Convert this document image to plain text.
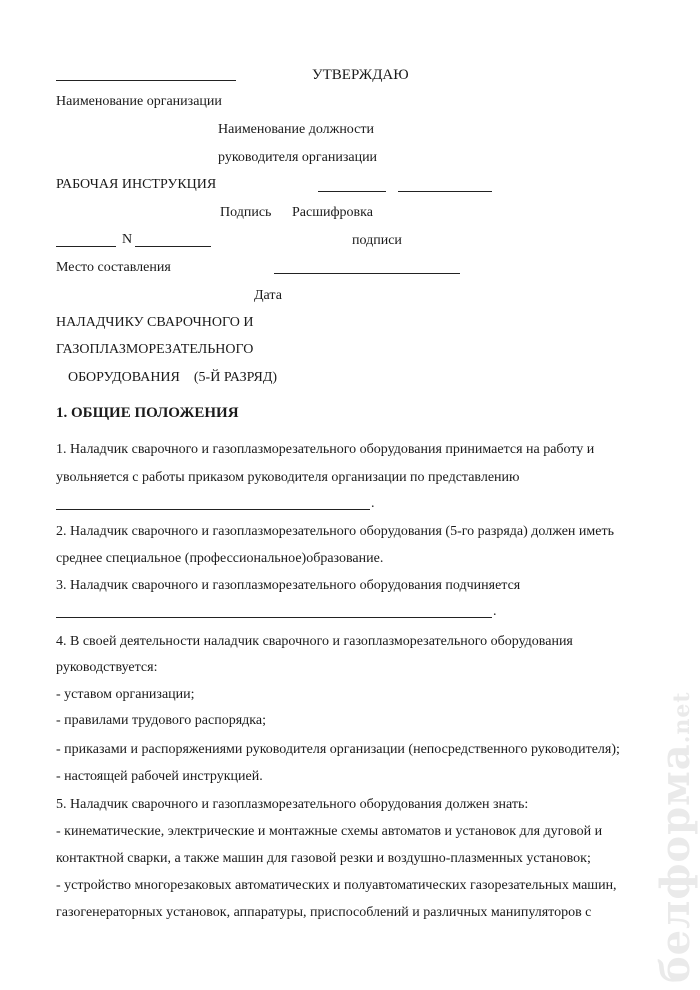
УТВЕРЖДАЮ
Наименование организации
Наименование должности
руководителя организации
РАБОЧАЯ ИНСТРУКЦИЯ
Подпись Расшифровка
N	подписи
Место составления
Дата
НАЛАДЧИКУ СВАРОЧНОГО И
ГАЗОПЛАЗМОРЕЗАТЕЛЬНОГО
ОБОРУДОВАНИЯ    (5-Й РАЗРЯД)
1. ОБЩИЕ ПОЛОЖЕНИЯ
1. Наладчик сварочного и газоплазморезательного оборудования принимается на работу и
увольняется с работы приказом руководителя организации по представлению
.
2. Наладчик сварочного и газоплазморезательного оборудования (5-го разряда) должен иметь
среднее специальное (профессиональное)образование.
3. Наладчик сварочного и газоплазморезательного оборудования подчиняется
.
4. В своей деятельности наладчик сварочного и газоплазморезательного оборудования
руководствуется:
- уставом организации;
- правилами трудового распорядка;
- приказами и распоряжениями руководителя организации (непосредственного руководителя);
- настоящей рабочей инструкцией.
5. Наладчик сварочного и газоплазморезательного оборудования должен знать:
- кинематические, электрические и монтажные схемы автоматов и установок для дуговой и
контактной сварки, а также машин для газовой резки и воздушно-плазменных установок;
- устройство многорезаковых автоматических и полуавтоматических газорезательных машин,
газогенераторных установок, аппаратуры, приспособлений и различных манипуляторов с белформа.net
